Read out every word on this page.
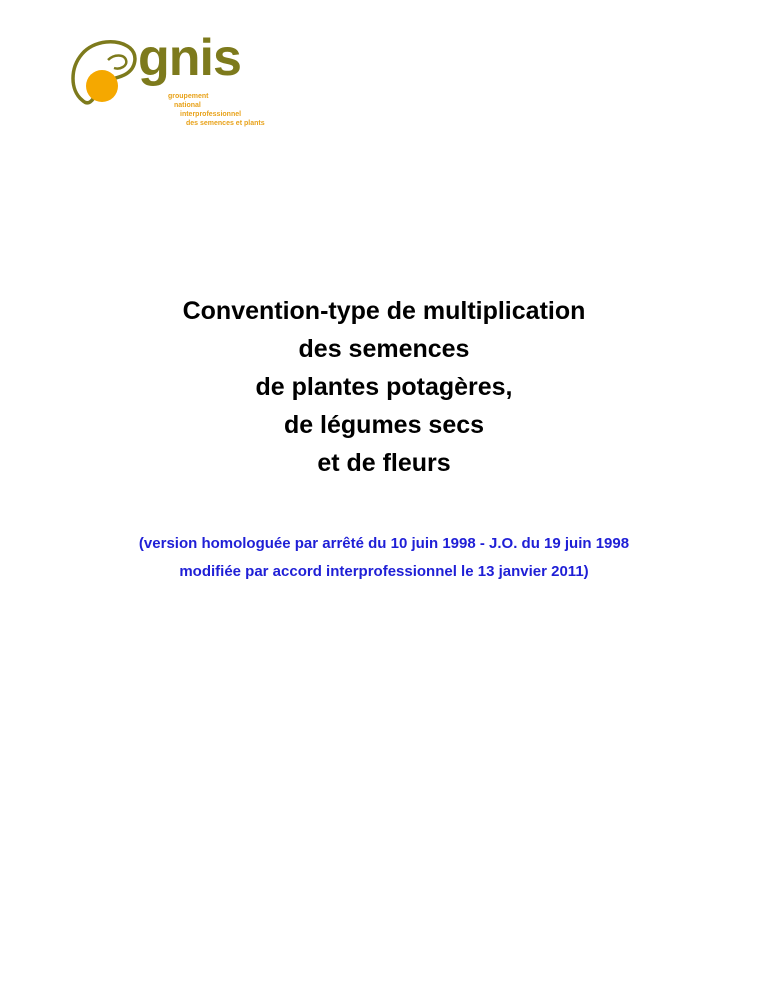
gnis
groupement
national
interprofessionnel
des semences et plants
Convention-type de multiplication
des semences
de plantes potagères,
de légumes secs
et de fleurs
(version homologuée par arrêté du 10 juin 1998 - J.O. du 19 juin 1998
modifiée par accord interprofessionnel le 13 janvier 2011)
